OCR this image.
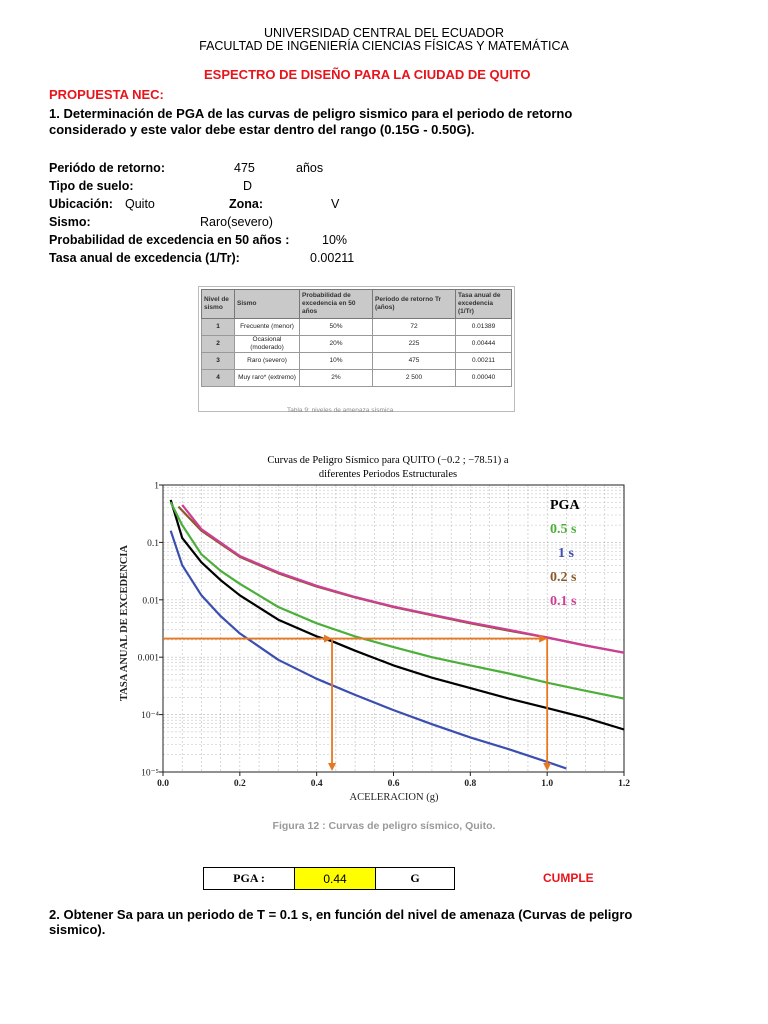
UNIVERSIDAD CENTRAL DEL ECUADOR
FACULTAD DE INGENIERÍA CIENCIAS FÍSICAS Y MATEMÁTICA
ESPECTRO DE DISEÑO PARA LA CIUDAD DE QUITO
PROPUESTA NEC:
1. Determinación de PGA de las curvas de peligro sismico para el periodo de retorno considerado y este valor debe estar dentro del rango (0.15G - 0.50G).
Periódo de retorno:	475	años
Tipo de suelo:	D
Ubicación: Quito	Zona:	V
Sismo:	Raro(severo)
Probabilidad de excedencia en 50 años :	10%
Tasa anual de excedencia (1/Tr):	0.00211
Nivel de sismo	Sismo	Probabilidad de excedencia en 50 años	Período de retorno Tr (años)	Tasa anual de excedencia (1/Tr)
1	Frecuente (menor)	50%	72	0.01389
2	Ocasional (moderado)	20%	225	0.00444
3	Raro (severo)	10%	475	0.00211
4	Muy raro* (extremo)	2%	2 500	0.00040
Tabla 9: niveles de amenaza sísmica
Curvas de Peligro Sísmico para QUITO (−0.2 ; −78.51) a
diferentes Periodos Estructurales
0.0	0.2	0.4	0.6	0.8	1.0	1.2
1
0.1
0.01
0.001
10⁻⁴
10⁻⁵
PGA
0.5 s
1 s
0.2 s
0.1 s
ACELERACION (g)
TASA ANUAL DE EXCEDENCIA
Figura 12 : Curvas de peligro sísmico, Quito.
PGA :	0.44	G	CUMPLE
2. Obtener Sa para un periodo de T = 0.1 s, en función del nivel de amenaza (Curvas de peligro
sismico).
